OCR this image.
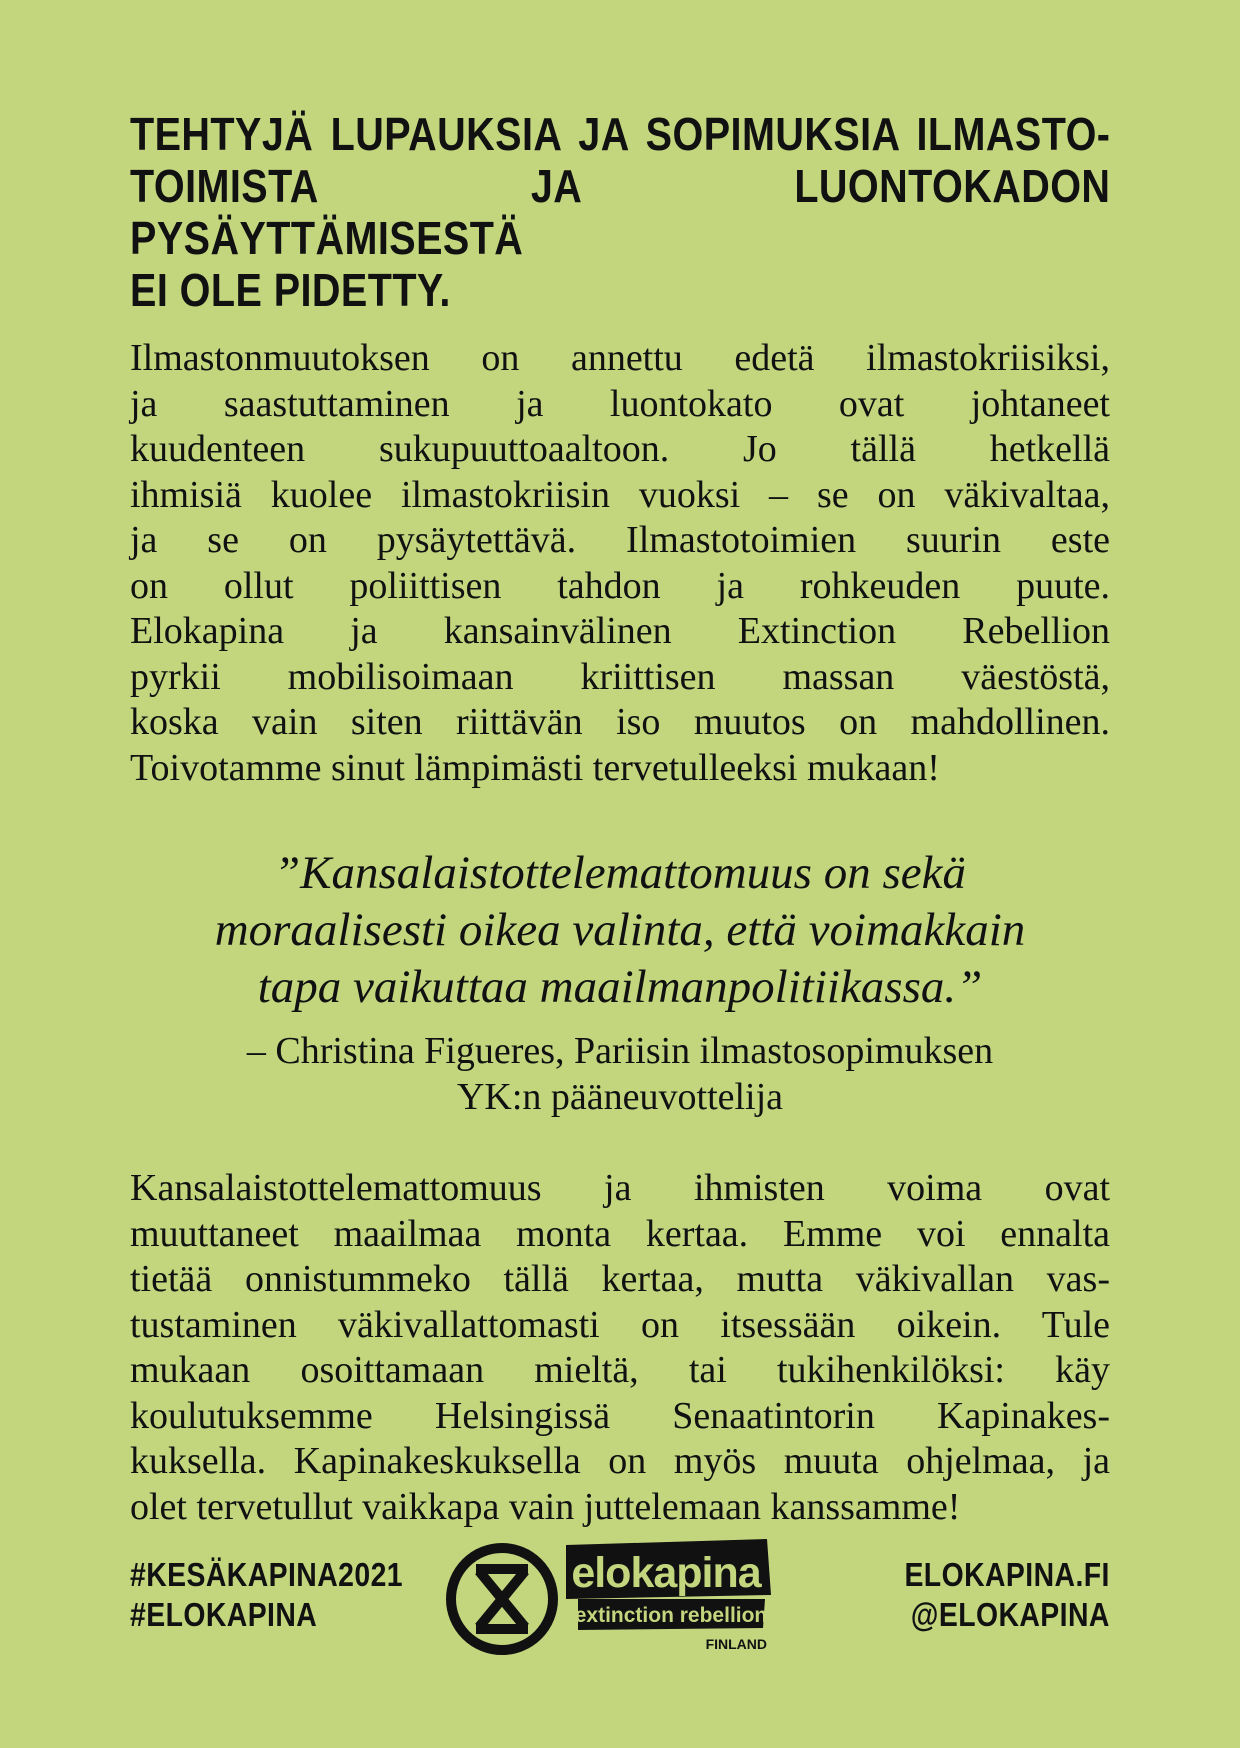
TEHTYJÄ LUPAUKSIA JA SOPIMUKSIA ILMASTO-
TOIMISTA JA LUONTOKADON PYSÄYTTÄMISESTÄ
EI OLE PIDETTY.

Ilmastonmuutoksen on annettu edetä ilmastokriisiksi,
ja saastuttaminen ja luontokato ovat johtaneet
kuudenteen sukupuuttoaaltoon. Jo tällä hetkellä
ihmisiä kuolee ilmastokriisin vuoksi – se on väkivaltaa,
ja se on pysäytettävä. Ilmastotoimien suurin este
on ollut poliittisen tahdon ja rohkeuden puute.
Elokapina ja kansainvälinen Extinction Rebellion
pyrkii mobilisoimaan kriittisen massan väestöstä,
koska vain siten riittävän iso muutos on mahdollinen.
Toivotamme sinut lämpimästi tervetulleeksi mukaan!

”Kansalaistottelemattomuus on sekä
moraalisesti oikea valinta, että voimakkain
tapa vaikuttaa maailmanpolitiikassa.”

– Christina Figueres, Pariisin ilmastosopimuksen
YK:n pääneuvottelija

Kansalaistottelemattomuus ja ihmisten voima ovat
muuttaneet maailmaa monta kertaa. Emme voi ennalta
tietää onnistummeko tällä kertaa, mutta väkivallan vas-
tustaminen väkivallattomasti on itsessään oikein. Tule
mukaan osoittamaan mieltä, tai tukihenkilöksi: käy
koulutuksemme Helsingissä Senaatintorin Kapinakes-
kuksella. Kapinakeskuksella on myös muuta ohjelmaa, ja
olet tervetullut vaikkapa vain juttelemaan kanssamme!

#KESÄKAPINA2021
#ELOKAPINA
elokapina
extinction rebellion
FINLAND
ELOKAPINA.FI
@ELOKAPINA
